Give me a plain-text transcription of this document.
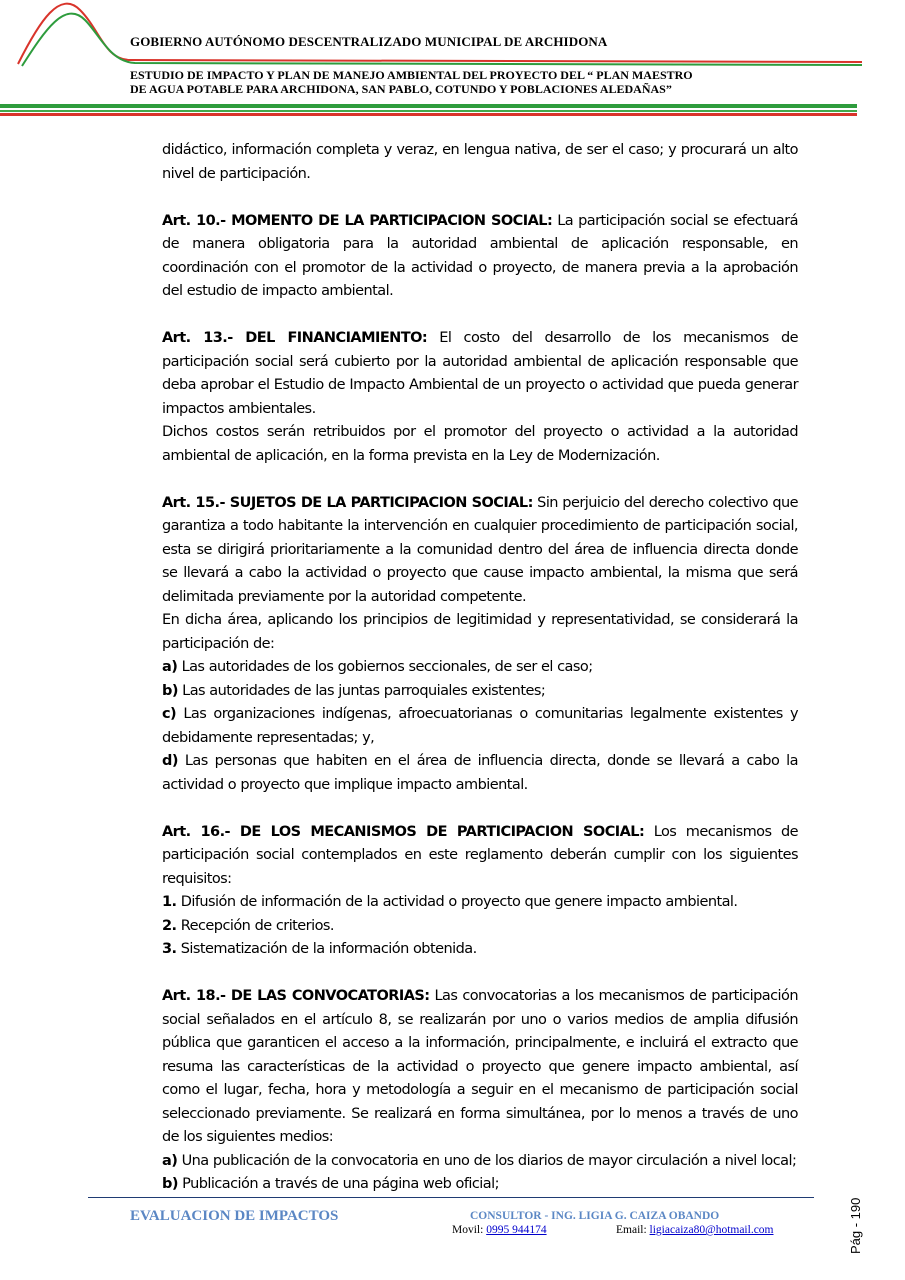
GOBIERNO AUTÓNOMO DESCENTRALIZADO MUNICIPAL DE ARCHIDONA
ESTUDIO DE IMPACTO Y PLAN DE MANEJO AMBIENTAL DEL PROYECTO DEL “ PLAN MAESTRO
DE AGUA POTABLE PARA ARCHIDONA, SAN PABLO, COTUNDO Y POBLACIONES ALEDAÑAS”

didáctico, información completa y veraz, en lengua nativa, de ser el caso; y procurará un alto nivel de participación.

Art. 10.- MOMENTO DE LA PARTICIPACION SOCIAL: La participación social se efectuará de manera obligatoria para la autoridad ambiental de aplicación responsable, en coordinación con el promotor de la actividad o proyecto, de manera previa a la aprobación del estudio de impacto ambiental.

Art. 13.- DEL FINANCIAMIENTO: El costo del desarrollo de los mecanismos de participación social será cubierto por la autoridad ambiental de aplicación responsable que deba aprobar el Estudio de Impacto Ambiental de un proyecto o actividad que pueda generar impactos ambientales.

Dichos costos serán retribuidos por el promotor del proyecto o actividad a la autoridad ambiental de aplicación, en la forma prevista en la Ley de Modernización.

Art. 15.- SUJETOS DE LA PARTICIPACION SOCIAL: Sin perjuicio del derecho colectivo que garantiza a todo habitante la intervención en cualquier procedimiento de participación social, esta se dirigirá prioritariamente a la comunidad dentro del área de influencia directa donde se llevará a cabo la actividad o proyecto que cause impacto ambiental, la misma que será delimitada previamente por la autoridad competente.

En dicha área, aplicando los principios de legitimidad y representatividad, se considerará la participación de:

a) Las autoridades de los gobiernos seccionales, de ser el caso;

b) Las autoridades de las juntas parroquiales existentes;

c) Las organizaciones indígenas, afroecuatorianas o comunitarias legalmente existentes y debidamente representadas; y,

d) Las personas que habiten en el área de influencia directa, donde se llevará a cabo la actividad o proyecto que implique impacto ambiental.

Art. 16.- DE LOS MECANISMOS DE PARTICIPACION SOCIAL: Los mecanismos de participación social contemplados en este reglamento deberán cumplir con los siguientes requisitos:

1. Difusión de información de la actividad o proyecto que genere impacto ambiental.

2. Recepción de criterios.

3. Sistematización de la información obtenida.

Art. 18.- DE LAS CONVOCATORIAS: Las convocatorias a los mecanismos de participación social señalados en el artículo 8, se realizarán por uno o varios medios de amplia difusión pública que garanticen el acceso a la información, principalmente, e incluirá el extracto que resuma las características de la actividad o proyecto que genere impacto ambiental, así como el lugar, fecha, hora y metodología a seguir en el mecanismo de participación social seleccionado previamente. Se realizará en forma simultánea, por lo menos a través de uno de los siguientes medios:

a) Una publicación de la convocatoria en uno de los diarios de mayor circulación a nivel local;

b) Publicación a través de una página web oficial;

EVALUACION DE IMPACTOS	CONSULTOR - ING. LIGIA G. CAIZA OBANDO
Movil: 0995 944174	Email: ligiacaiza80@hotmail.com	Pág - 190
